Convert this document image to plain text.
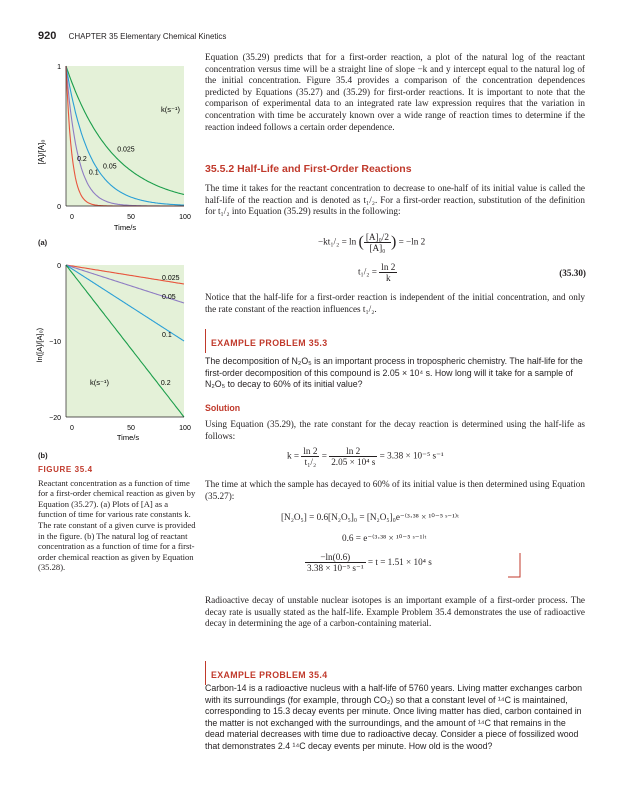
920 CHAPTER 35 Elementary Chemical Kinetics
0.025
0.05
0.1
0.2
[A]/[A]₀
Time/s
1
0
0	50	100
k(s⁻¹)
(a)
0.025
0.05
0.1
0.2
ln([A]/[A]₀)
Time/s
0
−10
−20
0	50	100
k(s⁻¹)
(b)
FIGURE 35.4
Reactant concentration as a function of time for a first-order chemical reaction as given by Equation (35.27). (a) Plots of [A] as a function of time for various rate constants k. The rate constant of a given curve is provided in the figure. (b) The natural log of reactant concentration as a function of time for a first-order chemical reaction as given by Equation (35.28).

Equation (35.29) predicts that for a first-order reaction, a plot of the natural log of the reactant concentration versus time will be a straight line of slope −k and y intercept equal to the natural log of the initial concentration. Figure 35.4 provides a comparison of the concentration dependences predicted by Equations (35.27) and (35.29) for first-order reactions. It is important to note that the comparison of experimental data to an integrated rate law expression requires that the variation in concentration with time be accurately known over a wide range of reaction times to determine if the reaction indeed follows a certain order dependence.

35.5.2 Half-Life and First-Order Reactions

The time it takes for the reactant concentration to decrease to one-half of its initial value is called the half-life of the reaction and is denoted as t₁/₂. For a first-order reaction, substitution of the definition for t₁/₂ into Equation (35.29) results in the following:

−kt₁/₂ = ln ( $\frac{\text{[A]₀/2}}{\text{[A]₀}}$ ) = −ln 2
$t_1/_2 = \frac{\ln 2}{k}$	(35.30)

Notice that the half-life for a first-order reaction is independent of the initial concentration, and only the rate constant of the reaction influences t₁/₂.

EXAMPLE PROBLEM 35.3
The decomposition of N₂O₅ is an important process in tropospheric chemistry. The half-life for the first-order decomposition of this compound is 2.05 × 10⁴ s. How long will it take for a sample of N₂O₅ to decay to 60% of its initial value?
Solution

Using Equation (35.29), the rate constant for the decay reaction is determined using the half-life as follows:

$k = \frac{\ln 2}{\text{t₁/₂}} = \frac{\ln 2}{\text{2.05 × 10⁴ s}} = 3.38 \times 10^{-5}$ s⁻¹

The time at which the sample has decayed to 60% of its initial value is then determined using Equation (35.27):

[N₂O₅] = 0.6[N₂O₅]₀ = [N₂O₅]₀e⁻⁽³·³⁸ × ¹⁰⁻⁵ ˢ⁻¹⁾ᵗ
0.6 = e⁻⁽³·³⁸ × ¹⁰⁻⁵ ˢ⁻¹⁾ᵗ
$\frac{-\ln(0.6)}{\text{3.38 × 10⁻⁵ s⁻¹}} = t = 1.51 \times 10^4$ s

Radioactive decay of unstable nuclear isotopes is an important example of a first-order process. The decay rate is usually stated as the half-life. Example Problem 35.4 demonstrates the use of radioactive decay in determining the age of a carbon-containing material.

EXAMPLE PROBLEM 35.4
Carbon-14 is a radioactive nucleus with a half-life of 5760 years. Living matter exchanges carbon with its surroundings (for example, through CO₂) so that a constant level of ¹⁴C is maintained, corresponding to 15.3 decay events per minute. Once living matter has died, carbon contained in the matter is not exchanged with the surroundings, and the amount of ¹⁴C that remains in the dead material decreases with time due to radioactive decay. Consider a piece of fossilized wood that demonstrates 2.4 ¹⁴C decay events per minute. How old is the wood?
